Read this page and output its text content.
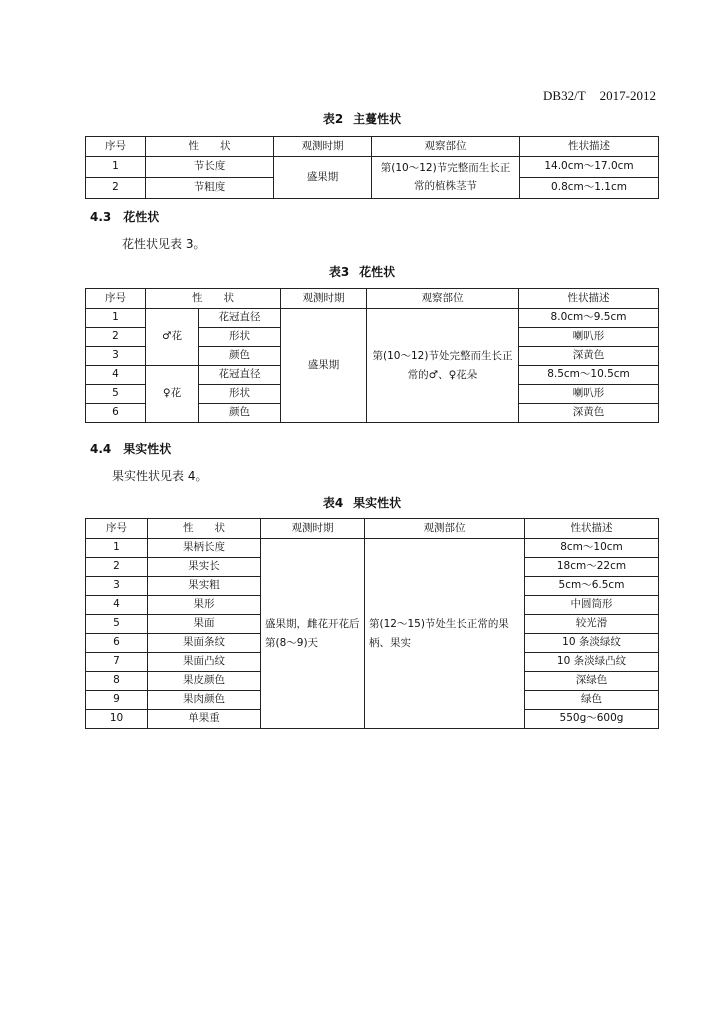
DB32/T 2017-2012
表2 主蔓性状
序号	性　　状	观测时期	观察部位	性状描述
1	节长度	盛果期	第(10～12)节完整而生长正常的植株茎节	14.0cm～17.0cm
2	节粗度			0.8cm～1.1cm
4.3 花性状
花性状见表 3。
表3 花性状
序号	性　　状		观测时期	观察部位	性状描述
1	♂花	花冠直径	盛果期	第(10～12)节处完整而生长正常的♂、♀花朵	8.0cm～9.5cm
2		形状			喇叭形
3		颜色			深黄色
4	♀花	花冠直径			8.5cm～10.5cm
5		形状			喇叭形
6		颜色			深黄色
4.4 果实性状
果实性状见表 4。
表4 果实性状
序号	性　　状	观测时期	观测部位	性状描述
1	果柄长度	盛果期，雌花开花后第(8～9)天	第(12～15)节处生长正常的果柄、果实	8cm～10cm
2	果实长			18cm～22cm
3	果实粗			5cm～6.5cm
4	果形			中圆筒形
5	果面			较光滑
6	果面条纹			10 条淡绿纹
7	果面凸纹			10 条淡绿凸纹
8	果皮颜色			深绿色
9	果肉颜色			绿色
10	单果重			550g～600g
